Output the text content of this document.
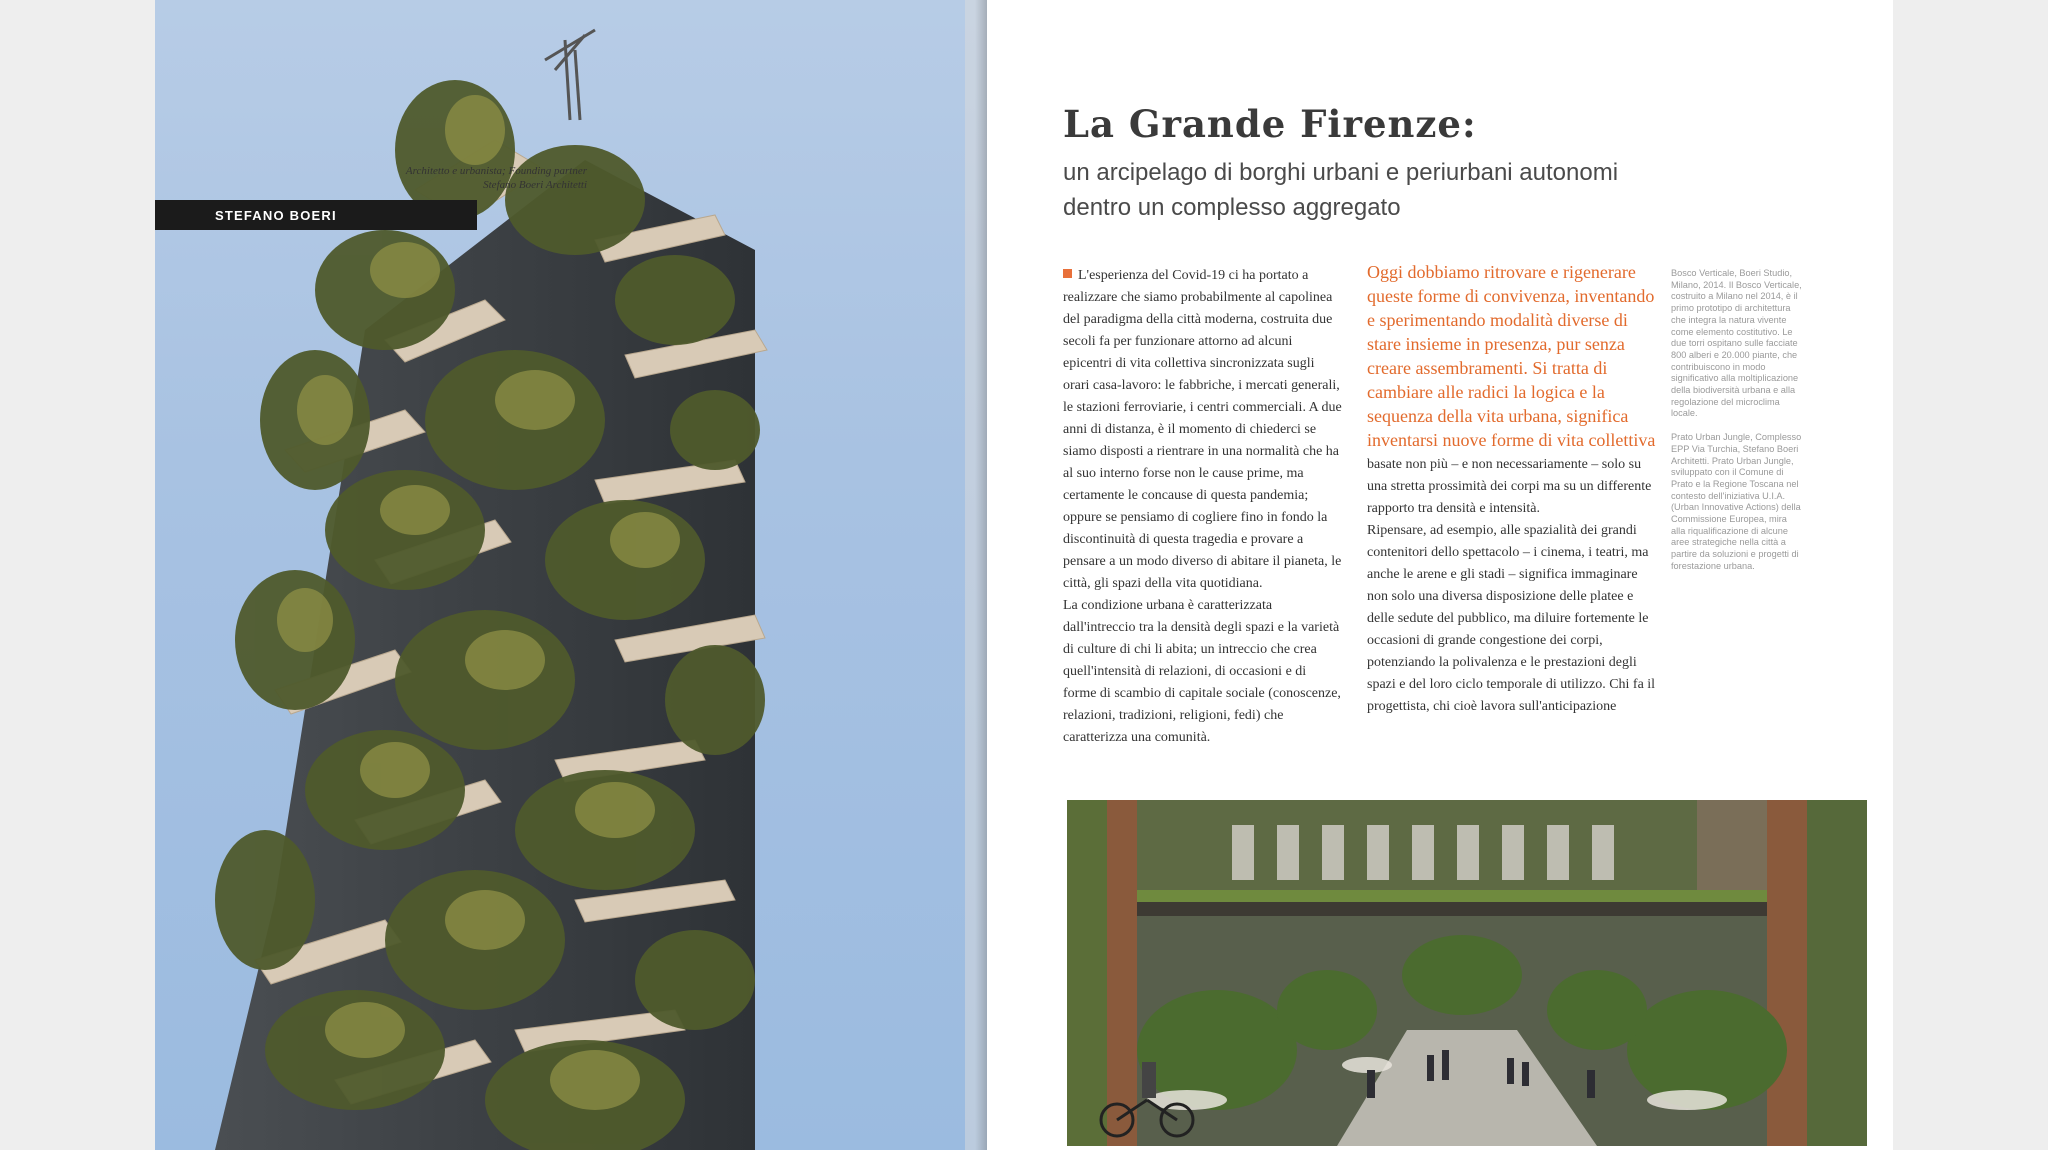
Architetto e urbanista; Founding partner
Stefano Boeri Architetti
STEFANO BOERI
La Grande Firenze:
un arcipelago di borghi urbani e periurbani autonomi dentro un complesso aggregato

L'esperienza del Covid-19 ci ha portato a realizzare che siamo probabilmente al capolinea del paradigma della città moderna, costruita due secoli fa per funzionare attorno ad alcuni epicentri di vita collettiva sincronizzata sugli orari casa-lavoro: le fabbriche, i mercati generali, le stazioni ferroviarie, i centri commerciali. A due anni di distanza, è il momento di chiederci se siamo disposti a rientrare in una normalità che ha al suo interno forse non le cause prime, ma certamente le concause di questa pandemia; oppure se pensiamo di cogliere fino in fondo la discontinuità di questa tragedia e provare a pensare a un modo diverso di abitare il pianeta, le città, gli spazi della vita quotidiana.

La condizione urbana è caratterizzata dall'intreccio tra la densità degli spazi e la varietà di culture di chi li abita; un intreccio che crea quell'intensità di relazioni, di occasioni e di forme di scambio di capitale sociale (conoscenze, relazioni, tradizioni, religioni, fedi) che caratterizza una comunità.

Oggi dobbiamo ritrovare e rigenerare queste forme di convivenza, inventando e sperimentando modalità diverse di stare insieme in presenza, pur senza creare assembramenti. Si tratta di cambiare alle radici la logica e la sequenza della vita urbana, significa inventarsi nuove forme di vita collettiva basate non più – e non necessariamente – solo su una stretta prossimità dei corpi ma su un differente rapporto tra densità e intensità.

Ripensare, ad esempio, alle spazialità dei grandi contenitori dello spettacolo – i cinema, i teatri, ma anche le arene e gli stadi – significa immaginare non solo una diversa disposizione delle platee e delle sedute del pubblico, ma diluire fortemente le occasioni di grande congestione dei corpi, potenziando la polivalenza e le prestazioni degli spazi e del loro ciclo temporale di utilizzo. Chi fa il progettista, chi cioè lavora sull'anticipazione

Bosco Verticale, Boeri Studio, Milano, 2014. Il Bosco Verticale, costruito a Milano nel 2014, è il primo prototipo di architettura che integra la natura vivente come elemento costitutivo. Le due torri ospitano sulle facciate 800 alberi e 20.000 piante, che contribuiscono in modo significativo alla moltiplicazione della biodiversità urbana e alla regolazione del microclima locale.

Prato Urban Jungle, Complesso EPP Via Turchia, Stefano Boeri Architetti. Prato Urban Jungle, sviluppato con il Comune di Prato e la Regione Toscana nel contesto dell'iniziativa U.I.A. (Urban Innovative Actions) della Commissione Europea, mira alla riqualificazione di alcune aree strategiche nella città a partire da soluzioni e progetti di forestazione urbana.
